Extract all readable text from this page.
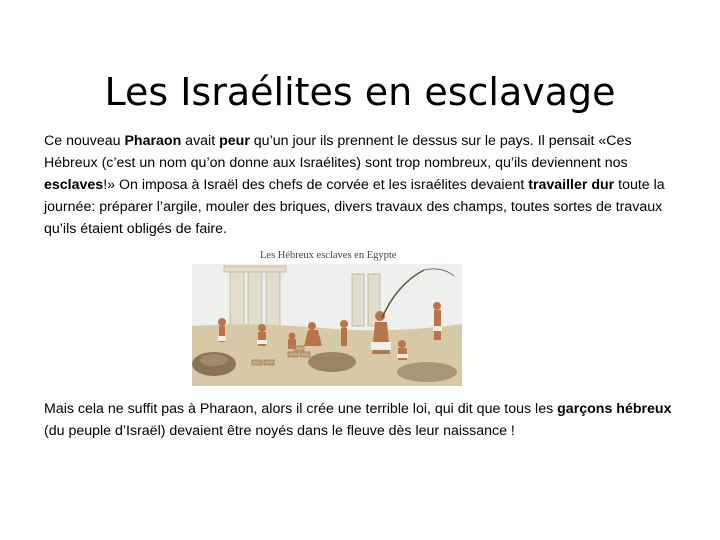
Les Israélites en esclavage

Ce nouveau Pharaon avait peur qu’un jour ils prennent le dessus sur le pays. Il pensait «Ces Hébreux (c’est un nom qu’on donne aux Israélites) sont trop nombreux, qu’ils deviennent nos esclaves!» On imposa à Israël des chefs de corvée et les israélites devaient travailler dur toute la journée: préparer l’argile, mouler des briques, divers travaux des champs, toutes sortes de travaux qu’ils étaient obligés de faire.

Les Hébreux esclaves en Egypte

Mais cela ne suffit pas à Pharaon, alors il crée une terrible loi, qui dit que tous les garçons hébreux (du peuple d’Israël) devaient être noyés dans le fleuve dès leur naissance !
